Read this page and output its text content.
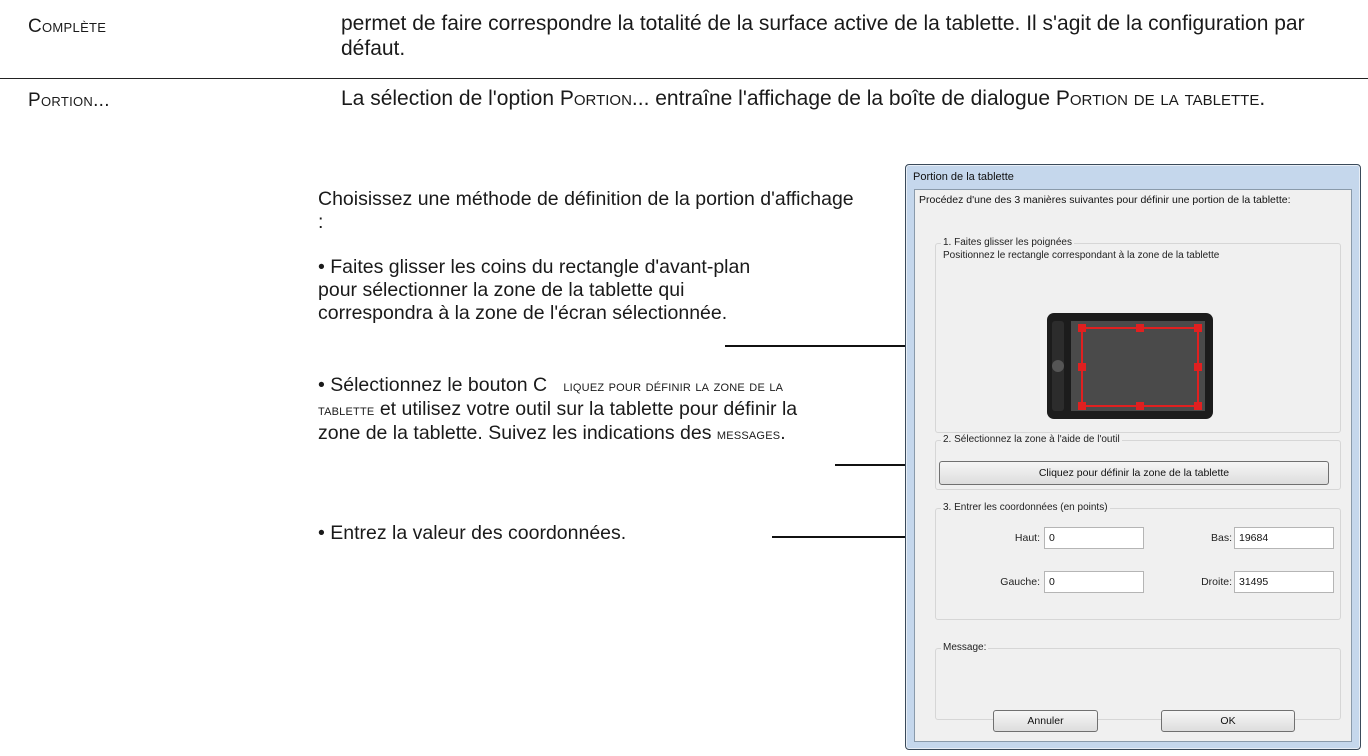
Complète	permet de faire correspondre la totalité de la surface active de la tablette. Il s'agit de la configuration par défaut.
Portion...	La sélection de l'option Portion... entraîne l'affichage de la boîte de dialogue Portion de la tablette.
Choisissez une méthode de définition de la portion d'affichage :
• Faites glisser les coins du rectangle d'avant-plan pour sélectionner la zone de la tablette qui correspondra à la zone de l'écran sélectionnée.
• Sélectionnez le bouton C liquez pour définir la zone de la tablette et utilisez votre outil sur la tablette pour définir la zone de la tablette. Suivez les indications des messages.
• Entrez la valeur des coordonnées.
Portion de la tablette
Procédez d'une des 3 manières suivantes pour définir une portion de la tablette:
1. Faites glisser les poignées
Positionnez le rectangle correspondant à la zone de la tablette
2. Sélectionnez la zone à l'aide de l'outil
Cliquez pour définir la zone de la tablette
3. Entrer les coordonnées (en points)
Haut:
0	Bas:
19684
Gauche:
0	Droite:
31495
Message:
Annuler	OK
